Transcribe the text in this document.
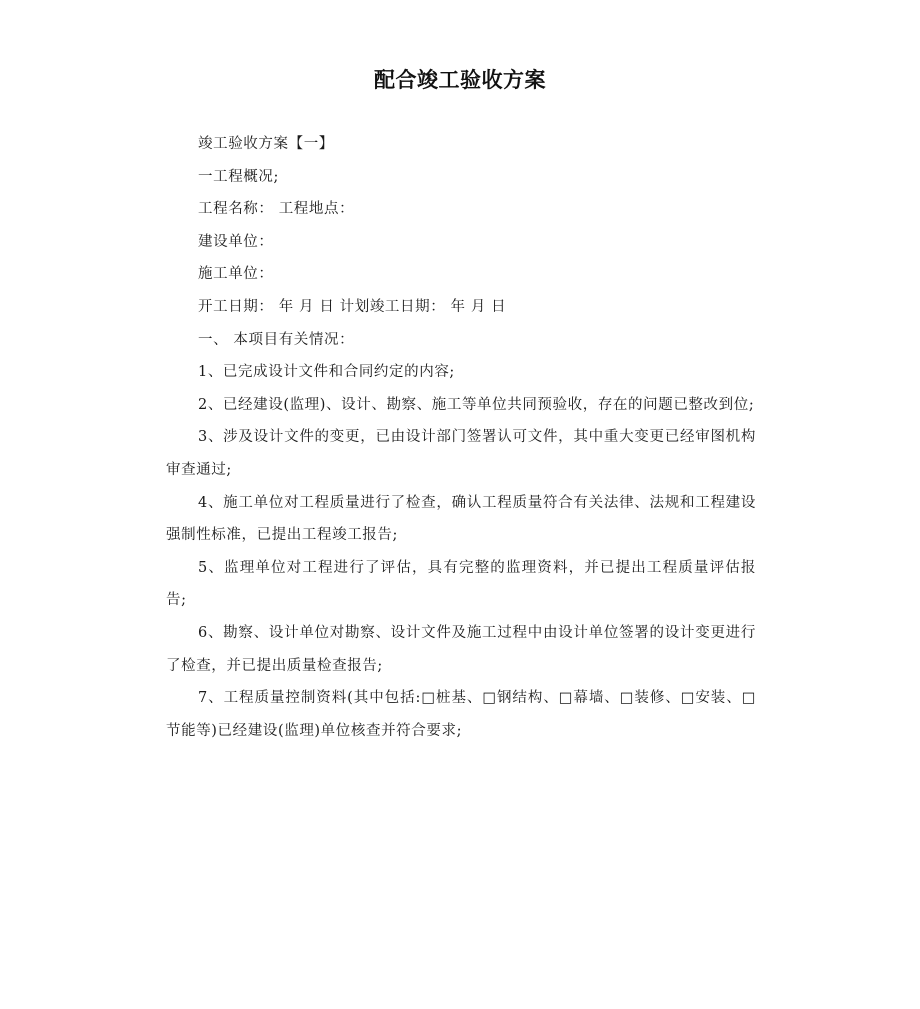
配合竣工验收方案

竣工验收方案【一】

一工程概况;

工程名称： 工程地点：

建设单位：

施工单位：

开工日期： 年 月 日 计划竣工日期： 年 月 日

一、 本项目有关情况：

1、已完成设计文件和合同约定的内容;

2、已经建设(监理)、设计、勘察、施工等单位共同预验收，存在的问题已整改到位;

3、涉及设计文件的变更，已由设计部门签署认可文件，其中重大变更已经审图机构审查通过;

4、施工单位对工程质量进行了检查，确认工程质量符合有关法律、法规和工程建设强制性标准，已提出工程竣工报告;

5、监理单位对工程进行了评估，具有完整的监理资料，并已提出工程质量评估报告;

6、勘察、设计单位对勘察、设计文件及施工过程中由设计单位签署的设计变更进行了检查，并已提出质量检查报告;

7、工程质量控制资料(其中包括:□桩基、□钢结构、□幕墙、□装修、□安装、□节能等)已经建设(监理)单位核查并符合要求;
